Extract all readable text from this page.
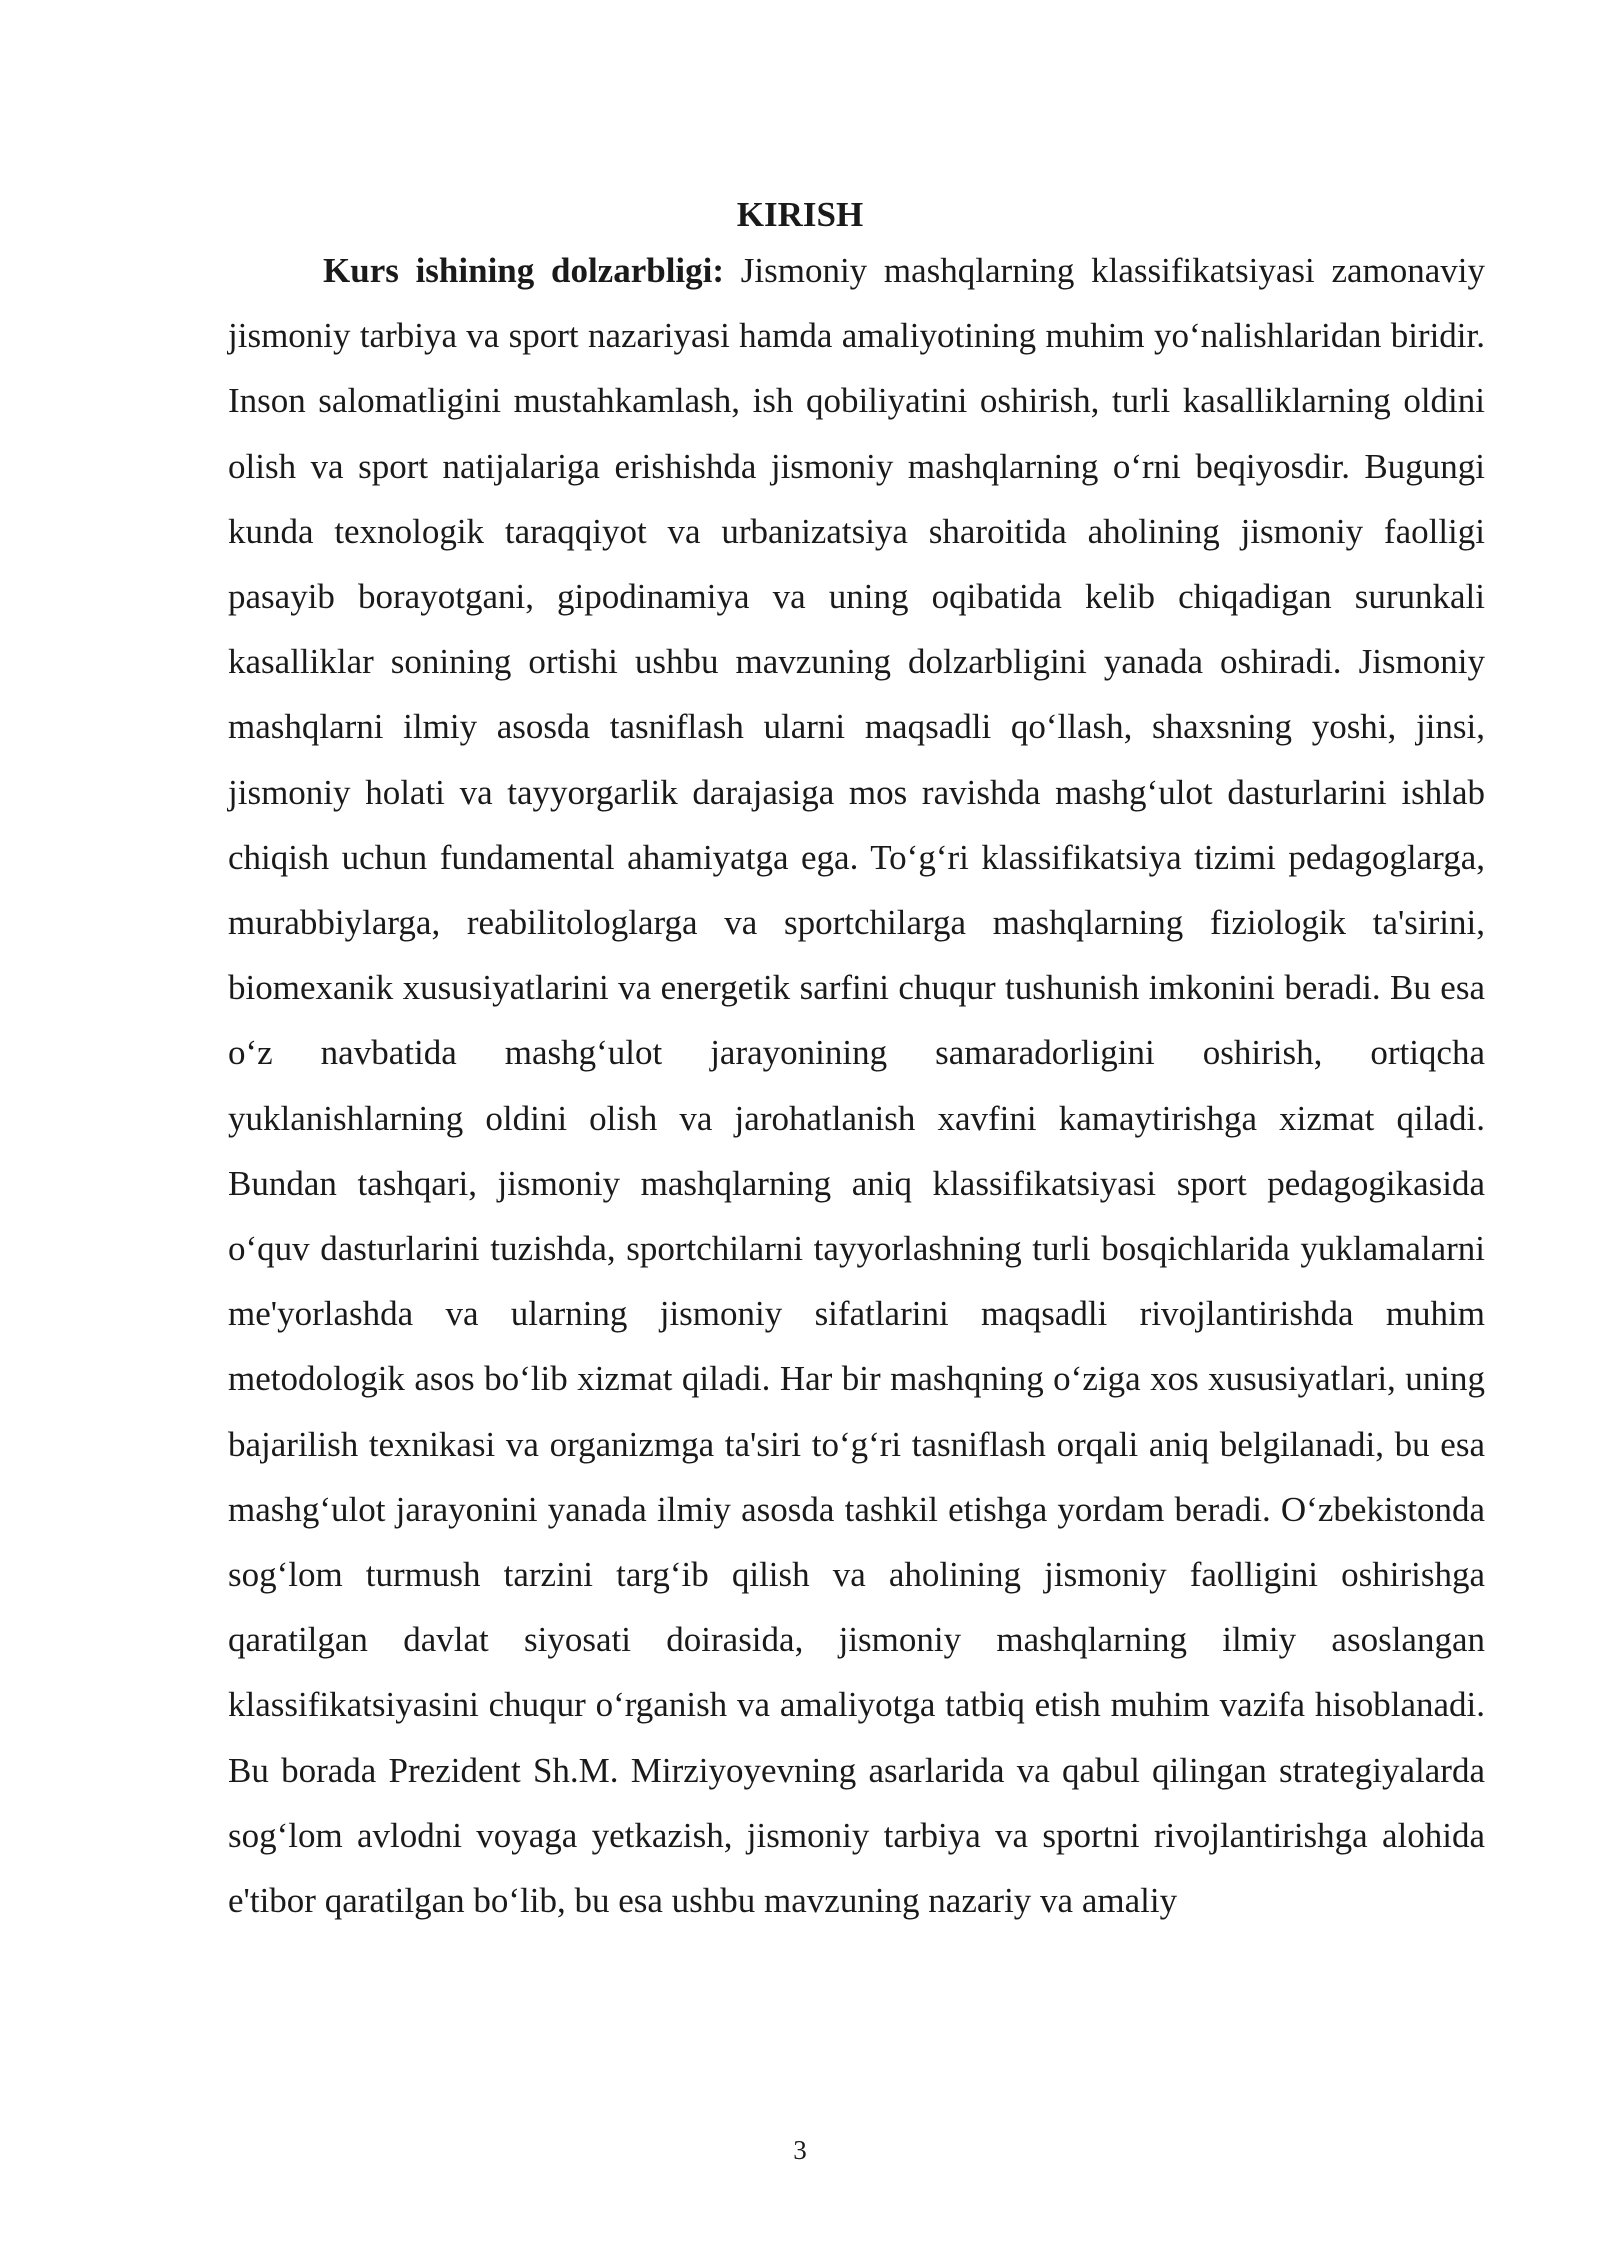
KIRISH

Kurs ishining dolzarbligi: Jismoniy mashqlarning klassifikatsiyasi zamonaviy jismoniy tarbiya va sport nazariyasi hamda amaliyotining muhim yo‘nalishlaridan biridir. Inson salomatligini mustahkamlash, ish qobiliyatini oshirish, turli kasalliklarning oldini olish va sport natijalariga erishishda jismoniy mashqlarning o‘rni beqiyosdir. Bugungi kunda texnologik taraqqiyot va urbanizatsiya sharoitida aholining jismoniy faolligi pasayib borayotgani, gipodinamiya va uning oqibatida kelib chiqadigan surunkali kasalliklar sonining ortishi ushbu mavzuning dolzarbligini yanada oshiradi. Jismoniy mashqlarni ilmiy asosda tasniflash ularni maqsadli qo‘llash, shaxsning yoshi, jinsi, jismoniy holati va tayyorgarlik darajasiga mos ravishda mashg‘ulot dasturlarini ishlab chiqish uchun fundamental ahamiyatga ega. To‘g‘ri klassifikatsiya tizimi pedagoglarga, murabbiylarga, reabilitologlarga va sportchilarga mashqlarning fiziologik ta'sirini, biomexanik xususiyatlarini va energetik sarfini chuqur tushunish imkonini beradi. Bu esa o‘z navbatida mashg‘ulot jarayonining samaradorligini oshirish, ortiqcha yuklanishlarning oldini olish va jarohatlanish xavfini kamaytirishga xizmat qiladi. Bundan tashqari, jismoniy mashqlarning aniq klassifikatsiyasi sport pedagogikasida o‘quv dasturlarini tuzishda, sportchilarni tayyorlashning turli bosqichlarida yuklamalarni me'yorlashda va ularning jismoniy sifatlarini maqsadli rivojlantirishda muhim metodologik asos bo‘lib xizmat qiladi. Har bir mashqning o‘ziga xos xususiyatlari, uning bajarilish texnikasi va organizmga ta'siri to‘g‘ri tasniflash orqali aniq belgilanadi, bu esa mashg‘ulot jarayonini yanada ilmiy asosda tashkil etishga yordam beradi. O‘zbekistonda sog‘lom turmush tarzini targ‘ib qilish va aholining jismoniy faolligini oshirishga qaratilgan davlat siyosati doirasida, jismoniy mashqlarning ilmiy asoslangan klassifikatsiyasini chuqur o‘rganish va amaliyotga tatbiq etish muhim vazifa hisoblanadi. Bu borada Prezident Sh.M. Mirziyoyevning asarlarida va qabul qilingan strategiyalarda sog‘lom avlodni voyaga yetkazish, jismoniy tarbiya va sportni rivojlantirishga alohida e'tibor qaratilgan bo‘lib, bu esa ushbu mavzuning nazariy va amaliy

3
